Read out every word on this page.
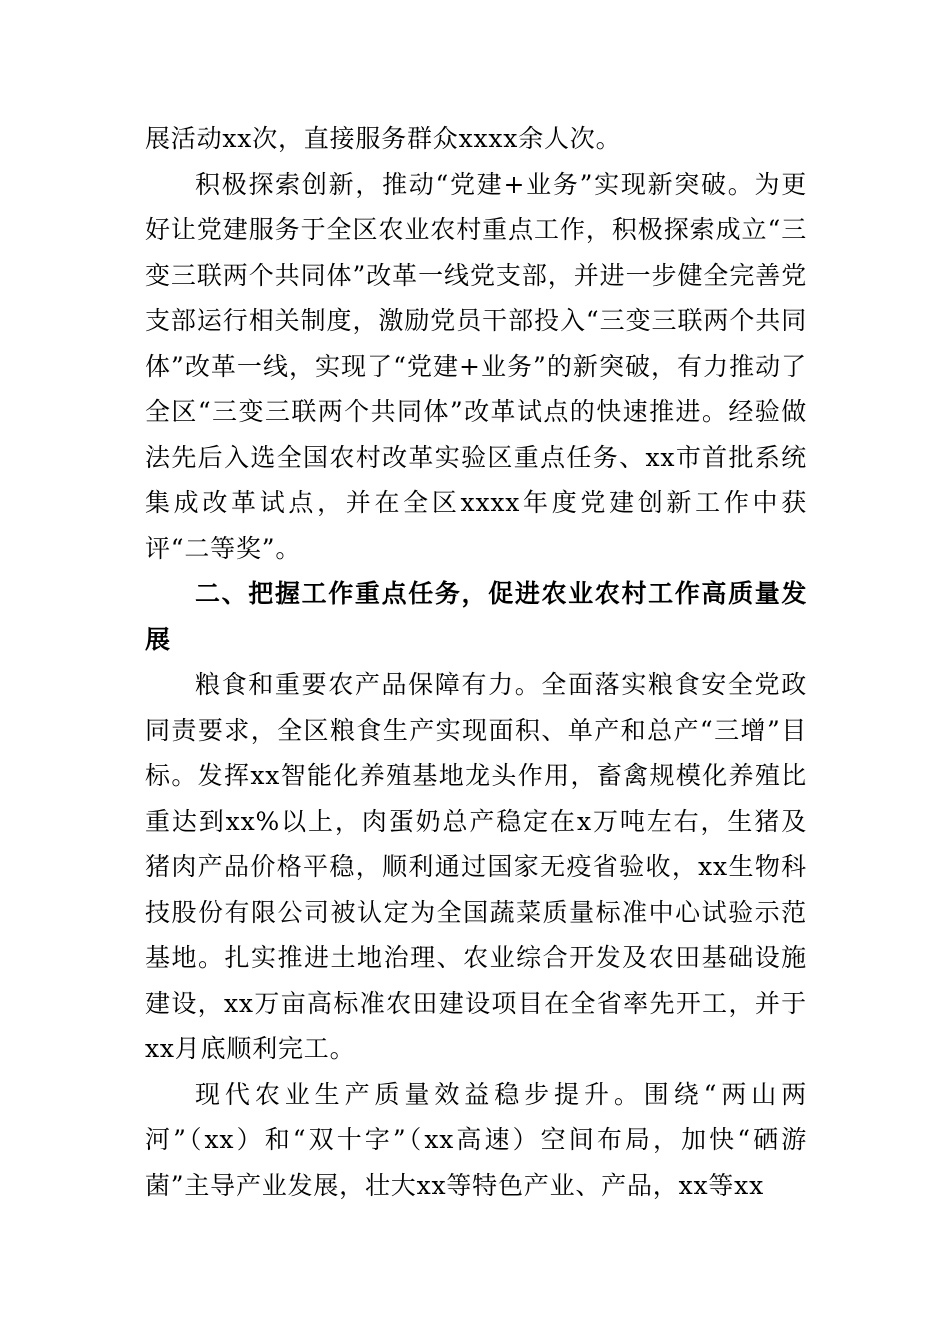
展活动xx次，直接服务群众xxxx余人次。

积极探索创新，推动“党建+业务”实现新突破。为更好让党建服务于全区农业农村重点工作，积极探索成立“三变三联两个共同体”改革一线党支部，并进一步健全完善党支部运行相关制度，激励党员干部投入“三变三联两个共同体”改革一线，实现了“党建+业务”的新突破，有力推动了全区“三变三联两个共同体”改革试点的快速推进。经验做法先后入选全国农村改革实验区重点任务、xx市首批系统集成改革试点，并在全区xxxx年度党建创新工作中获评“二等奖”。

二、把握工作重点任务，促进农业农村工作高质量发展

粮食和重要农产品保障有力。全面落实粮食安全党政同责要求，全区粮食生产实现面积、单产和总产“三增”目标。发挥xx智能化养殖基地龙头作用，畜禽规模化养殖比重达到xx%以上，肉蛋奶总产稳定在x万吨左右，生猪及猪肉产品价格平稳，顺利通过国家无疫省验收，xx生物科技股份有限公司被认定为全国蔬菜质量标准中心试验示范基地。扎实推进土地治理、农业综合开发及农田基础设施建设，xx万亩高标准农田建设项目在全省率先开工，并于xx月底顺利完工。

现代农业生产质量效益稳步提升。围绕“两山两河”（xx）和“双十字”（xx高速）空间布局，加快“硒游菌”主导产业发展，壮大xx等特色产业、产品，xx等xx
